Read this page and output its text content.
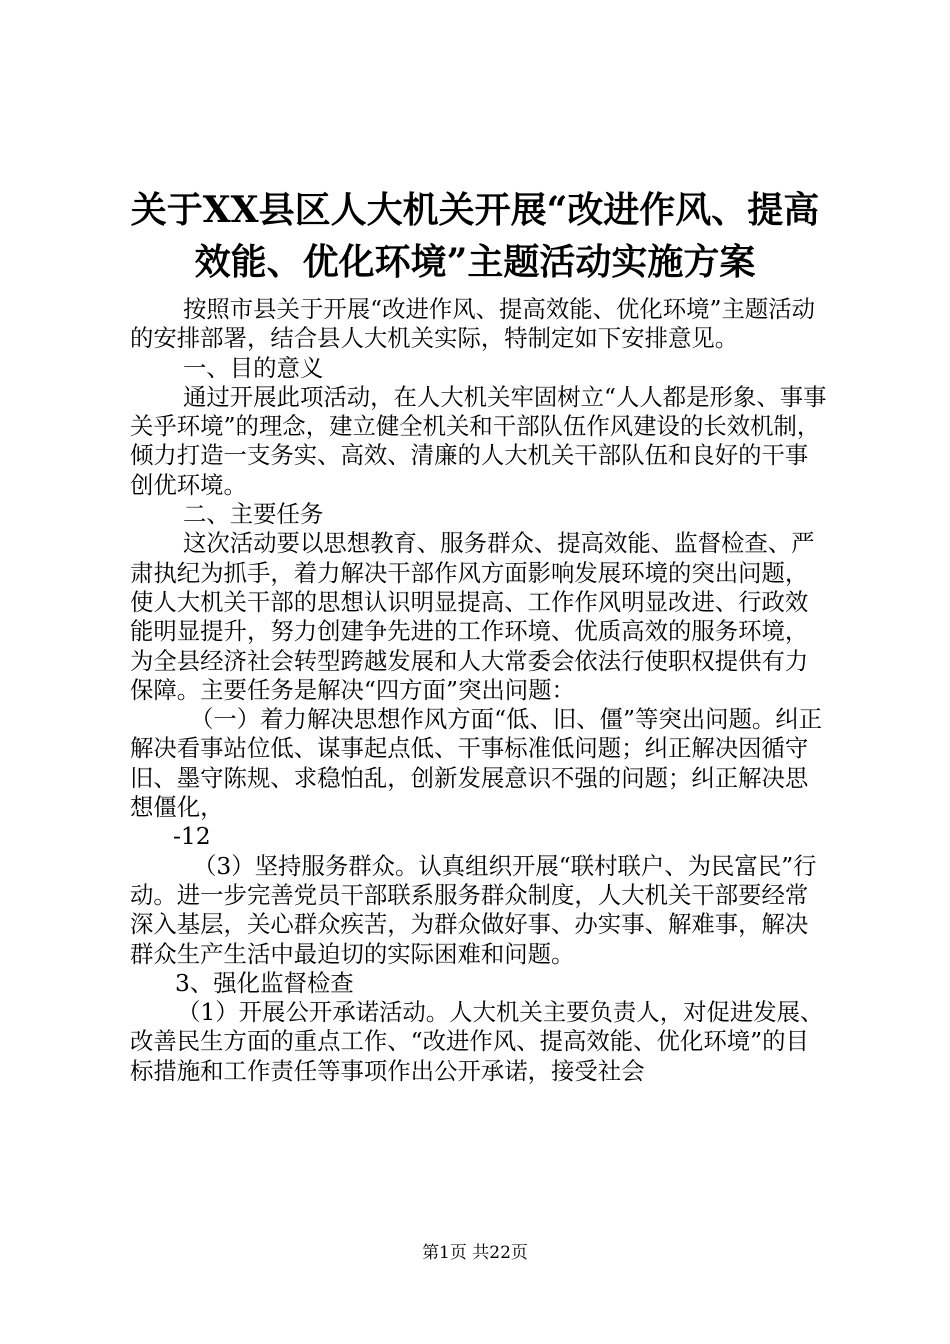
关于XX县区人大机关开展“改进作风、提高
效能、优化环境”主题活动实施方案

按照市县关于开展“改进作风、提高效能、优化环境”主题活动的安排部署，结合县人大机关实际，特制定如下安排意见。

一、目的意义

通过开展此项活动，在人大机关牢固树立“人人都是形象、事事关乎环境”的理念，建立健全机关和干部队伍作风建设的长效机制，倾力打造一支务实、高效、清廉的人大机关干部队伍和良好的干事创优环境。

二、主要任务

这次活动要以思想教育、服务群众、提高效能、监督检查、严肃执纪为抓手，着力解决干部作风方面影响发展环境的突出问题，使人大机关干部的思想认识明显提高、工作作风明显改进、行政效能明显提升，努力创建争先进的工作环境、优质高效的服务环境，为全县经济社会转型跨越发展和人大常委会依法行使职权提供有力保障。主要任务是解决“四方面”突出问题：

（一）着力解决思想作风方面“低、旧、僵”等突出问题。纠正解决看事站位低、谋事起点低、干事标准低问题；纠正解决因循守旧、墨守陈规、求稳怕乱，创新发展意识不强的问题；纠正解决思想僵化，

-12

（3）坚持服务群众。认真组织开展“联村联户、为民富民”行动。进一步完善党员干部联系服务群众制度，人大机关干部要经常深入基层，关心群众疾苦，为群众做好事、办实事、解难事，解决群众生产生活中最迫切的实际困难和问题。

3、强化监督检查

（1）开展公开承诺活动。人大机关主要负责人，对促进发展、改善民生方面的重点工作、“改进作风、提高效能、优化环境”的目标措施和工作责任等事项作出公开承诺，接受社会

第1页 共22页
